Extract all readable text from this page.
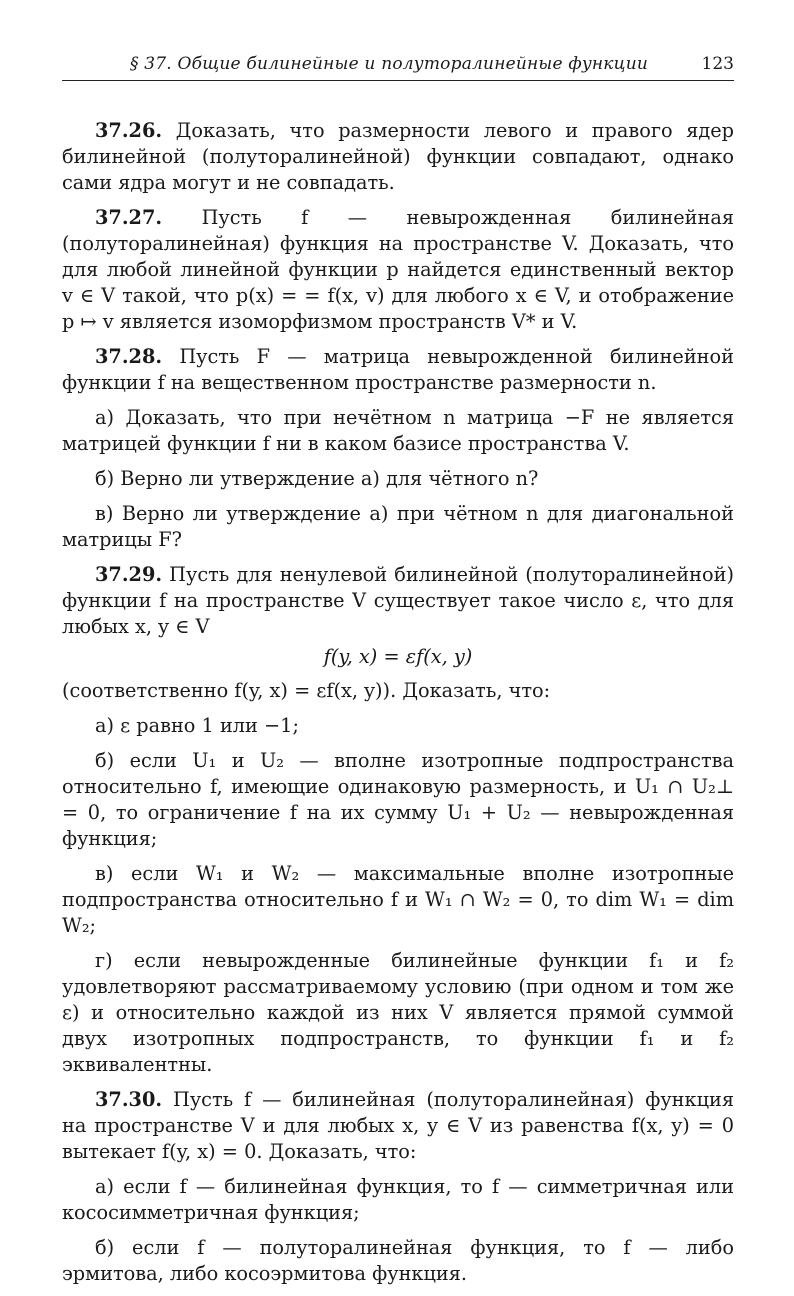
§ 37. Общие билинейные и полуторалинейные функции	123

37.26. Доказать, что размерности левого и правого ядер билинейной (полуторалинейной) функции совпадают, однако сами ядра могут и не совпадать.

37.27. Пусть f — невырожденная билинейная (полуторалинейная) функция на пространстве V. Доказать, что для любой линейной функции p найдется единственный вектор v ∈ V такой, что p(x) = = f(x, v) для любого x ∈ V, и отображение p ↦ v является изоморфизмом пространств V* и V.

37.28. Пусть F — матрица невырожденной билинейной функции f на вещественном пространстве размерности n.

а) Доказать, что при нечётном n матрица −F не является матрицей функции f ни в каком базисе пространства V.

б) Верно ли утверждение а) для чётного n?

в) Верно ли утверждение а) при чётном n для диагональной матрицы F?

37.29. Пусть для ненулевой билинейной (полуторалинейной) функции f на пространстве V существует такое число ε, что для любых x, y ∈ V

f(y, x) = εf(x, y)

(соответственно f(y, x) = εf(x, y)). Доказать, что:

а) ε равно 1 или −1;

б) если U₁ и U₂ — вполне изотропные подпространства относительно f, имеющие одинаковую размерность, и U₁ ∩ U₂⊥ = 0, то ограничение f на их сумму U₁ + U₂ — невырожденная функция;

в) если W₁ и W₂ — максимальные вполне изотропные подпространства относительно f и W₁ ∩ W₂ = 0, то dim W₁ = dim W₂;

г) если невырожденные билинейные функции f₁ и f₂ удовлетворяют рассматриваемому условию (при одном и том же ε) и относительно каждой из них V является прямой суммой двух изотропных подпространств, то функции f₁ и f₂ эквивалентны.

37.30. Пусть f — билинейная (полуторалинейная) функция на пространстве V и для любых x, y ∈ V из равенства f(x, y) = 0 вытекает f(y, x) = 0. Доказать, что:

а) если f — билинейная функция, то f — симметричная или кососимметричная функция;

б) если f — полуторалинейная функция, то f — либо эрмитова, либо косоэрмитова функция.
